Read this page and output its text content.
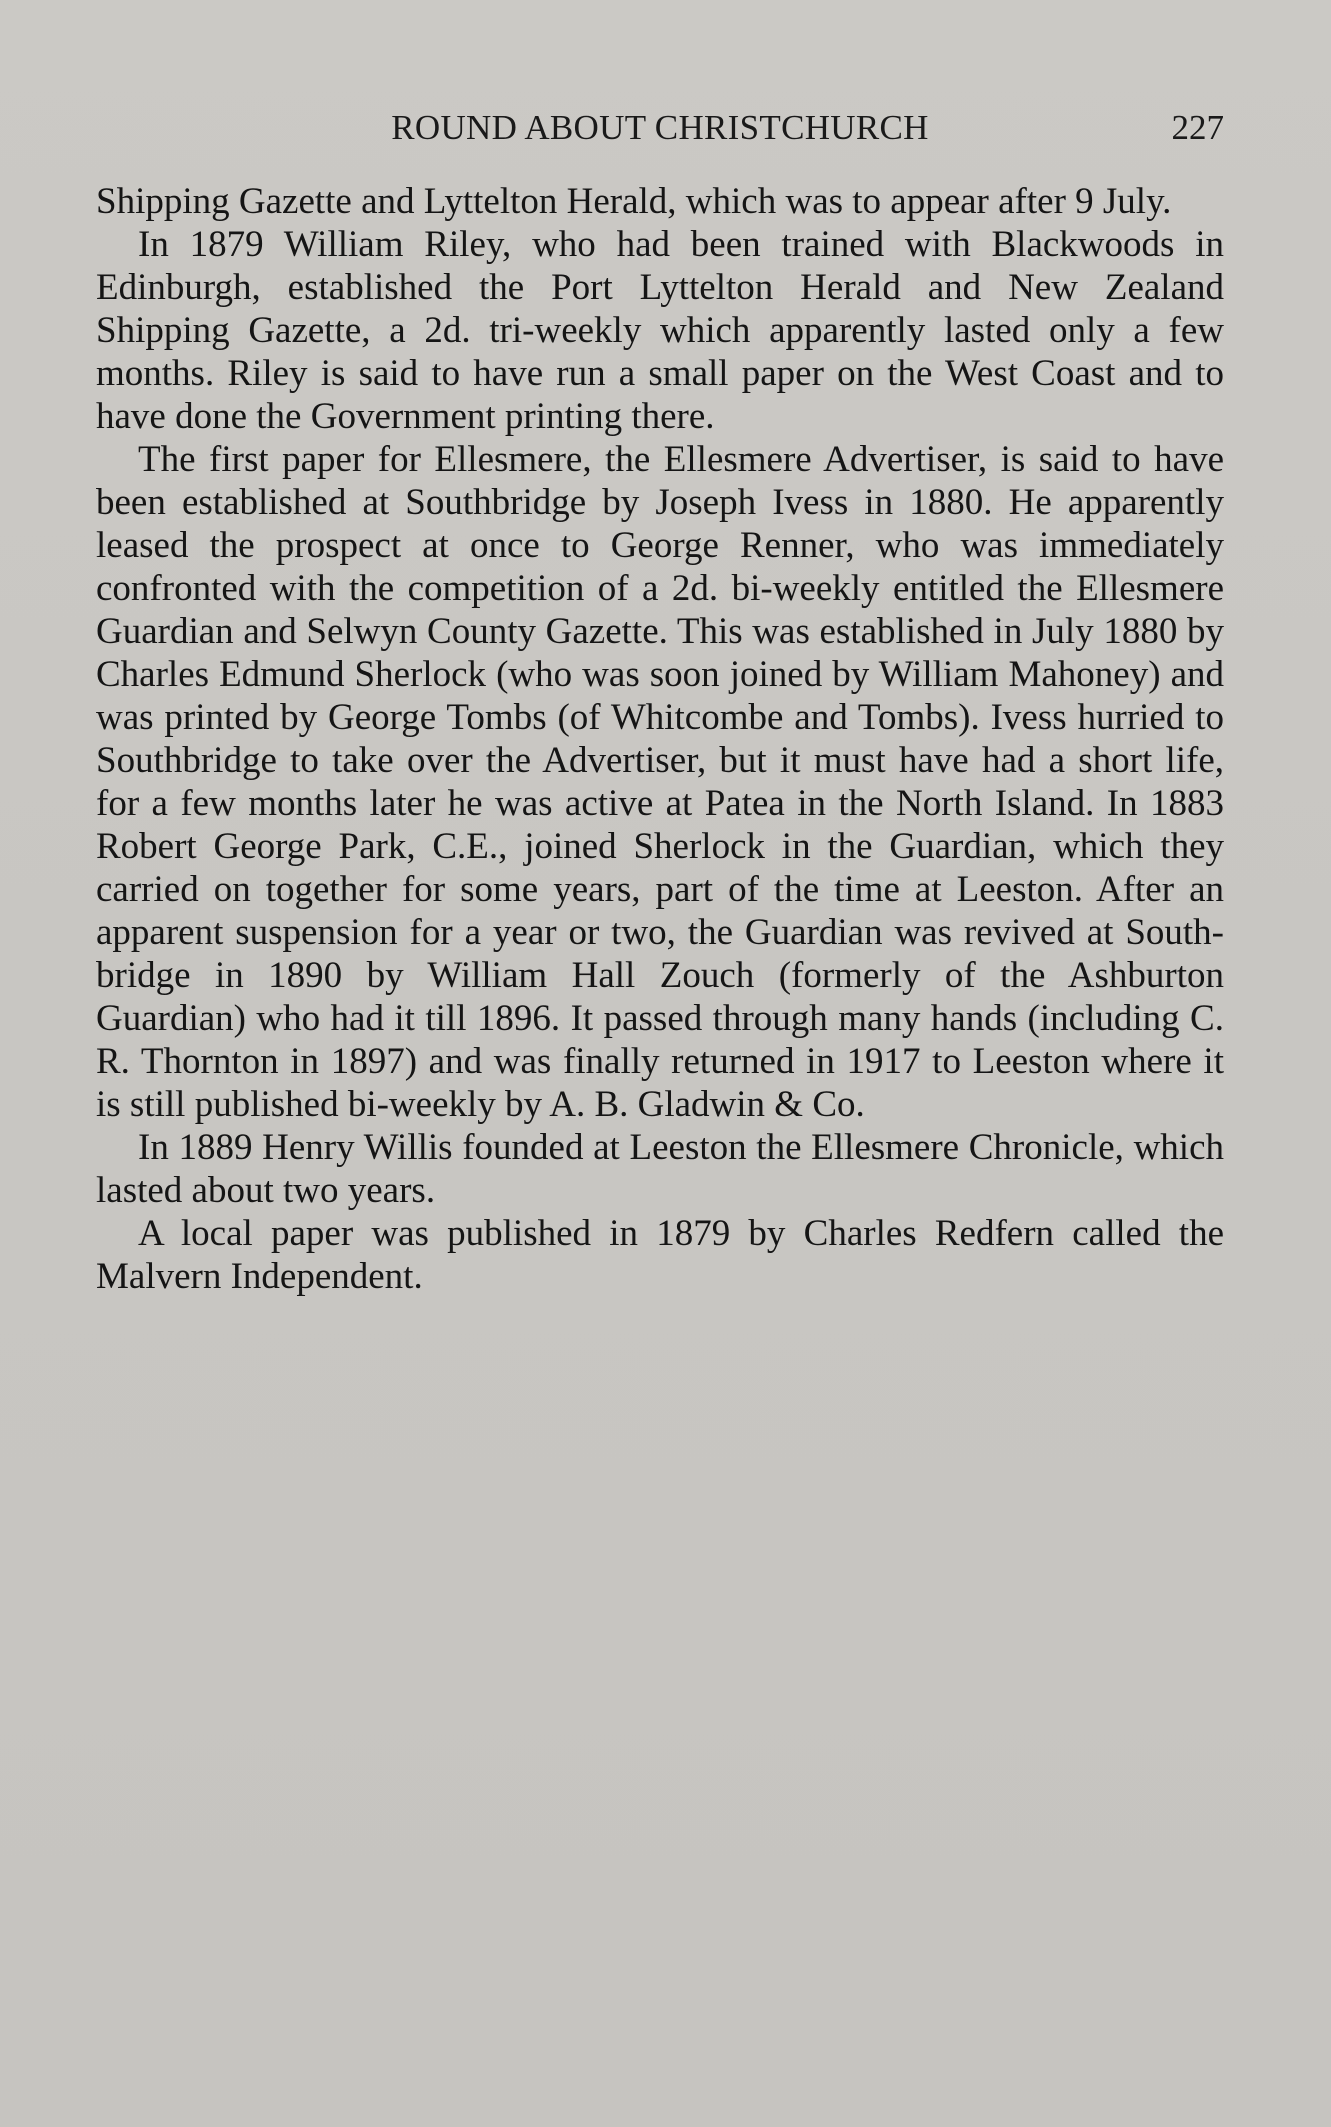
ROUND ABOUT CHRISTCHURCH	227

Shipping Gazette and Lyttelton Herald, which was to appear after 9 July.

In 1879 William Riley, who had been trained with Blackwoods in Edinburgh, established the Port Lyttelton Herald and New Zealand Shipping Gazette, a 2d. tri-weekly which apparently lasted only a few months. Riley is said to have run a small paper on the West Coast and to have done the Government printing there.

The first paper for Ellesmere, the Ellesmere Advertiser, is said to have been established at Southbridge by Joseph Ivess in 1880. He apparently leased the prospect at once to George Renner, who was immediately confronted with the competition of a 2d. bi-weekly entitled the Ellesmere Guardian and Selwyn County Gazette. This was established in July 1880 by Charles Edmund Sherlock (who was soon joined by William Mahoney) and was printed by George Tombs (of Whitcombe and Tombs). Ivess hurried to Southbridge to take over the Advertiser, but it must have had a short life, for a few months later he was active at Patea in the North Island. In 1883 Robert George Park, C.E., joined Sherlock in the Guardian, which they carried on together for some years, part of the time at Leeston. After an apparent suspension for a year or two, the Guardian was revived at Southbridge in 1890 by William Hall Zouch (formerly of the Ashburton Guardian) who had it till 1896. It passed through many hands (including C. R. Thornton in 1897) and was finally returned in 1917 to Leeston where it is still published bi-weekly by A. B. Gladwin & Co.

In 1889 Henry Willis founded at Leeston the Ellesmere Chronicle, which lasted about two years.

A local paper was published in 1879 by Charles Redfern called the Malvern Independent.
